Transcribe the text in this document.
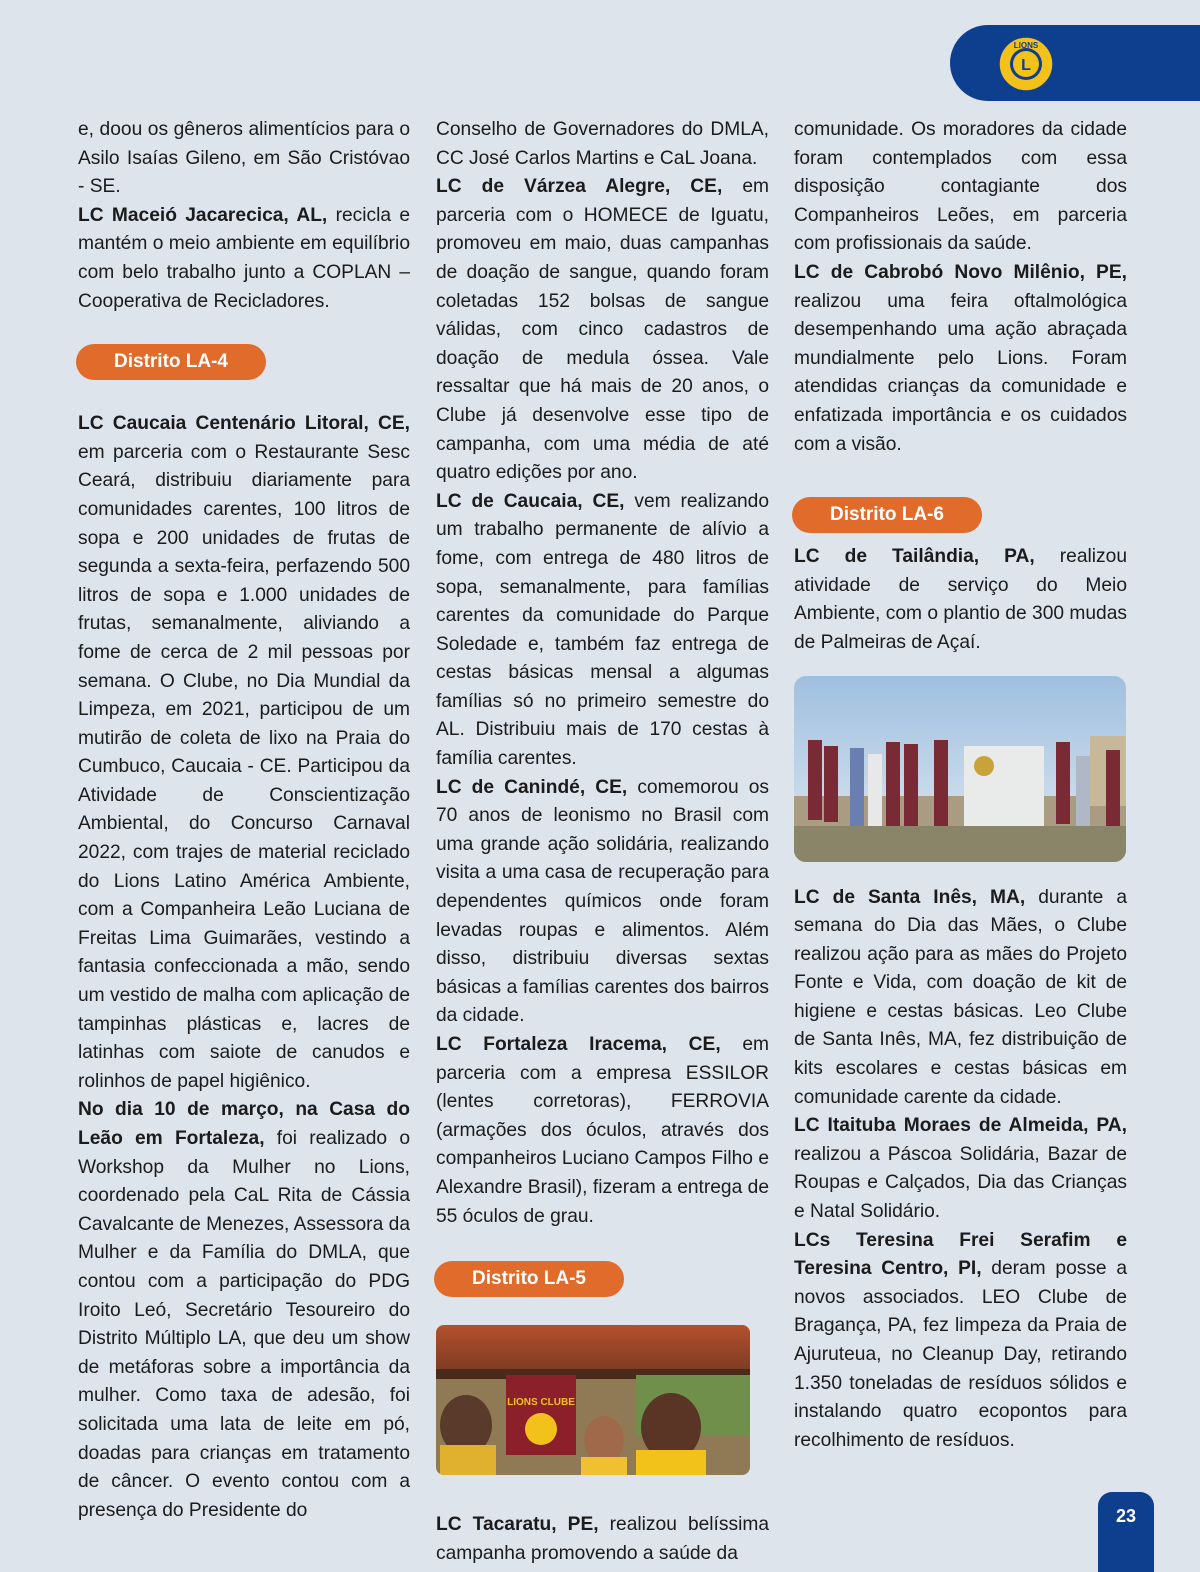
LIONS
L

e, doou os gêneros alimentícios para o Asilo Isaías Gileno, em São Cristóvao - SE.

LC Maceió Jacarecica, AL, recicla e mantém o meio ambiente em equilíbrio com belo trabalho junto a COPLAN – Cooperativa de Recicladores.

Distrito LA-4

LC Caucaia Centenário Litoral, CE, em parceria com o Restaurante Sesc Ceará, distribuiu diariamente para comunidades carentes, 100 litros de sopa e 200 unidades de frutas de segunda a sexta-feira, perfazendo 500 litros de sopa e 1.000 unidades de frutas, semanalmente, aliviando a fome de cerca de 2 mil pessoas por semana. O Clube, no Dia Mundial da Limpeza, em 2021, participou de um mutirão de coleta de lixo na Praia do Cumbuco, Caucaia - CE. Participou da Atividade de Conscientização Ambiental, do Concurso Carnaval 2022, com trajes de material reciclado do Lions Latino América Ambiente, com a Companheira Leão Luciana de Freitas Lima Guimarães, vestindo a fantasia confeccionada a mão, sendo um vestido de malha com aplicação de tampinhas plásticas e, lacres de latinhas com saiote de canudos e rolinhos de papel higiênico.

No dia 10 de março, na Casa do Leão em Fortaleza, foi realizado o Workshop da Mulher no Lions, coordenado pela CaL Rita de Cássia Cavalcante de Menezes, Assessora da Mulher e da Família do DMLA, que contou com a participação do PDG Iroito Leó, Secretário Tesoureiro do Distrito Múltiplo LA, que deu um show de metáforas sobre a importância da mulher. Como taxa de adesão, foi solicitada uma lata de leite em pó, doadas para crianças em tratamento de câncer. O evento contou com a presença do Presidente do

Conselho de Governadores do DMLA, CC José Carlos Martins e CaL Joana.

LC de Várzea Alegre, CE, em parceria com o HOMECE de Iguatu, promoveu em maio, duas campanhas de doação de sangue, quando foram coletadas 152 bolsas de sangue válidas, com cinco cadastros de doação de medula óssea. Vale ressaltar que há mais de 20 anos, o Clube já desenvolve esse tipo de campanha, com uma média de até quatro edições por ano.

LC de Caucaia, CE, vem realizando um trabalho permanente de alívio a fome, com entrega de 480 litros de sopa, semanalmente, para famílias carentes da comunidade do Parque Soledade e, também faz entrega de cestas básicas mensal a algumas famílias só no primeiro semestre do AL. Distribuiu mais de 170 cestas à família carentes.

LC de Canindé, CE, comemorou os 70 anos de leonismo no Brasil com uma grande ação solidária, realizando visita a uma casa de recuperação para dependentes químicos onde foram levadas roupas e alimentos. Além disso, distribuiu diversas sextas básicas a famílias carentes dos bairros da cidade.

LC Fortaleza Iracema, CE, em parceria com a empresa ESSILOR (lentes corretoras), FERROVIA (armações dos óculos, através dos companheiros Luciano Campos Filho e Alexandre Brasil), fizeram a entrega de 55 óculos de grau.

Distrito LA-5
LIONS CLUBE

LC Tacaratu, PE, realizou belíssima campanha promovendo a saúde da

comunidade. Os moradores da cidade foram contemplados com essa disposição contagiante dos Companheiros Leões, em parceria com profissionais da saúde.

LC de Cabrobó Novo Milênio, PE, realizou uma feira oftalmológica desempenhando uma ação abraçada mundialmente pelo Lions. Foram atendidas crianças da comunidade e enfatizada importância e os cuidados com a visão.

Distrito LA-6

LC de Tailândia, PA, realizou atividade de serviço do Meio Ambiente, com o plantio de 300 mudas de Palmeiras de Açaí.

LC de Santa Inês, MA, durante a semana do Dia das Mães, o Clube realizou ação para as mães do Projeto Fonte e Vida, com doação de kit de higiene e cestas básicas. Leo Clube de Santa Inês, MA, fez distribuição de kits escolares e cestas básicas em comunidade carente da cidade.

LC Itaituba Moraes de Almeida, PA, realizou a Páscoa Solidária, Bazar de Roupas e Calçados, Dia das Crianças e Natal Solidário.

LCs Teresina Frei Serafim e Teresina Centro, PI, deram posse a novos associados. LEO Clube de Bragança, PA, fez limpeza da Praia de Ajuruteua, no Cleanup Day, retirando 1.350 toneladas de resíduos sólidos e instalando quatro ecopontos para recolhimento de resíduos.

23
